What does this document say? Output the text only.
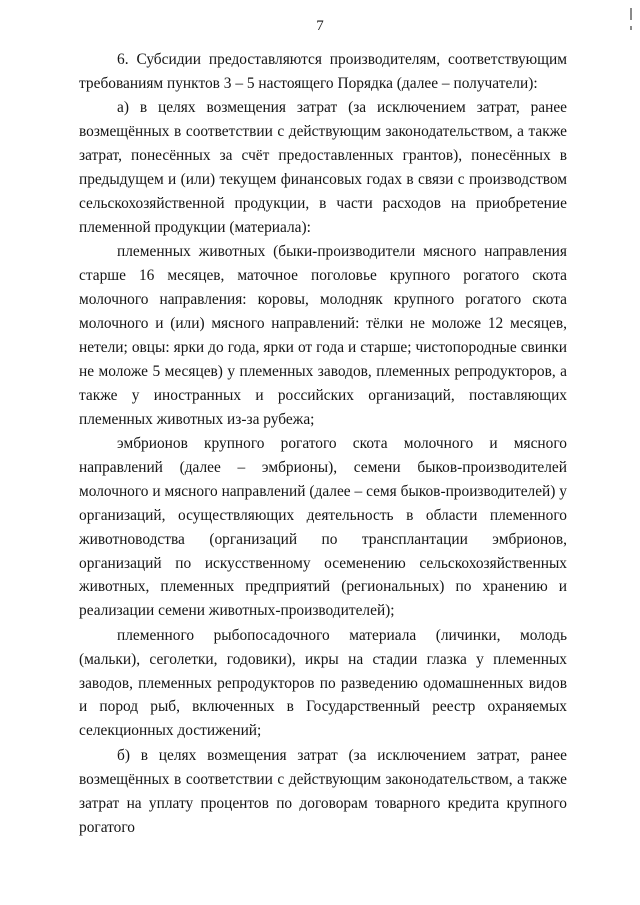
7

6. Субсидии предоставляются производителям, соответствующим требованиям пунктов 3 – 5 настоящего Порядка (далее – получатели):

а) в целях возмещения затрат (за исключением затрат, ранее возмещённых в соответствии с действующим законодательством, а также затрат, понесённых за счёт предоставленных грантов), понесённых в предыдущем и (или) текущем финансовых годах в связи с производством сельскохозяйственной продукции, в части расходов на приобретение племенной продукции (материала):

племенных животных (быки-производители мясного направления старше 16 месяцев, маточное поголовье крупного рогатого скота молочного направления: коровы, молодняк крупного рогатого скота молочного и (или) мясного направлений: тёлки не моложе 12 месяцев, нетели; овцы: ярки до года, ярки от года и старше; чистопородные свинки не моложе 5 месяцев) у племенных заводов, племенных репродукторов, а также у иностранных и российских организаций, поставляющих племенных животных из-за рубежа;

эмбрионов крупного рогатого скота молочного и мясного направлений (далее – эмбрионы), семени быков-производителей молочного и мясного направлений (далее – семя быков-производителей) у организаций, осуществляющих деятельность в области племенного животноводства (организаций по трансплантации эмбрионов, организаций по искусственному осеменению сельскохозяйственных животных, племенных предприятий (региональных) по хранению и реализации семени животных-производителей);

племенного рыбопосадочного материала (личинки, молодь (мальки), сеголетки, годовики), икры на стадии глазка у племенных заводов, племенных репродукторов по разведению одомашненных видов и пород рыб, включенных в Государственный реестр охраняемых селекционных достижений;

б) в целях возмещения затрат (за исключением затрат, ранее возмещённых в соответствии с действующим законодательством, а также затрат на уплату процентов по договорам товарного кредита крупного рогатого
